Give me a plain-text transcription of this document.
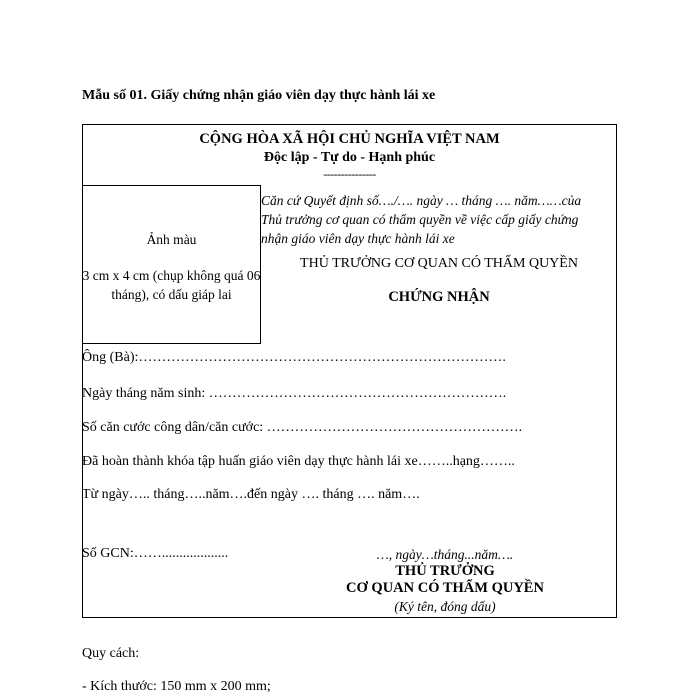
Mẫu số 01. Giấy chứng nhận giáo viên dạy thực hành lái xe
CỘNG HÒA XÃ HỘI CHỦ NGHĨA VIỆT NAM
Độc lập - Tự do - Hạnh phúc
---------------
Ảnh màu
3 cm x 4 cm (chụp không quá 06 tháng), có dấu giáp lai
Căn cứ Quyết định số…./…. ngày … tháng …. năm……của
Thủ trưởng cơ quan có thẩm quyền về việc cấp giấy chứng
nhận giáo viên dạy thực hành lái xe
THỦ TRƯỞNG CƠ QUAN CÓ THẨM QUYỀN
CHỨNG NHẬN
Ông (Bà):…………………………………………………………………….
Ngày tháng năm sinh: ……………………………………………………….
Số căn cước công dân/căn cước: ……………………………………………….
Đã hoàn thành khóa tập huấn giáo viên dạy thực hành lái xe……..hạng……..
Từ ngày….. tháng…..năm….đến ngày …. tháng …. năm….
Số GCN:……...................	…, ngày…tháng...năm….
THỦ TRƯỞNG
CƠ QUAN CÓ THẨM QUYỀN
(Ký tên, đóng dấu)
Quy cách:
- Kích thước: 150 mm x 200 mm;
